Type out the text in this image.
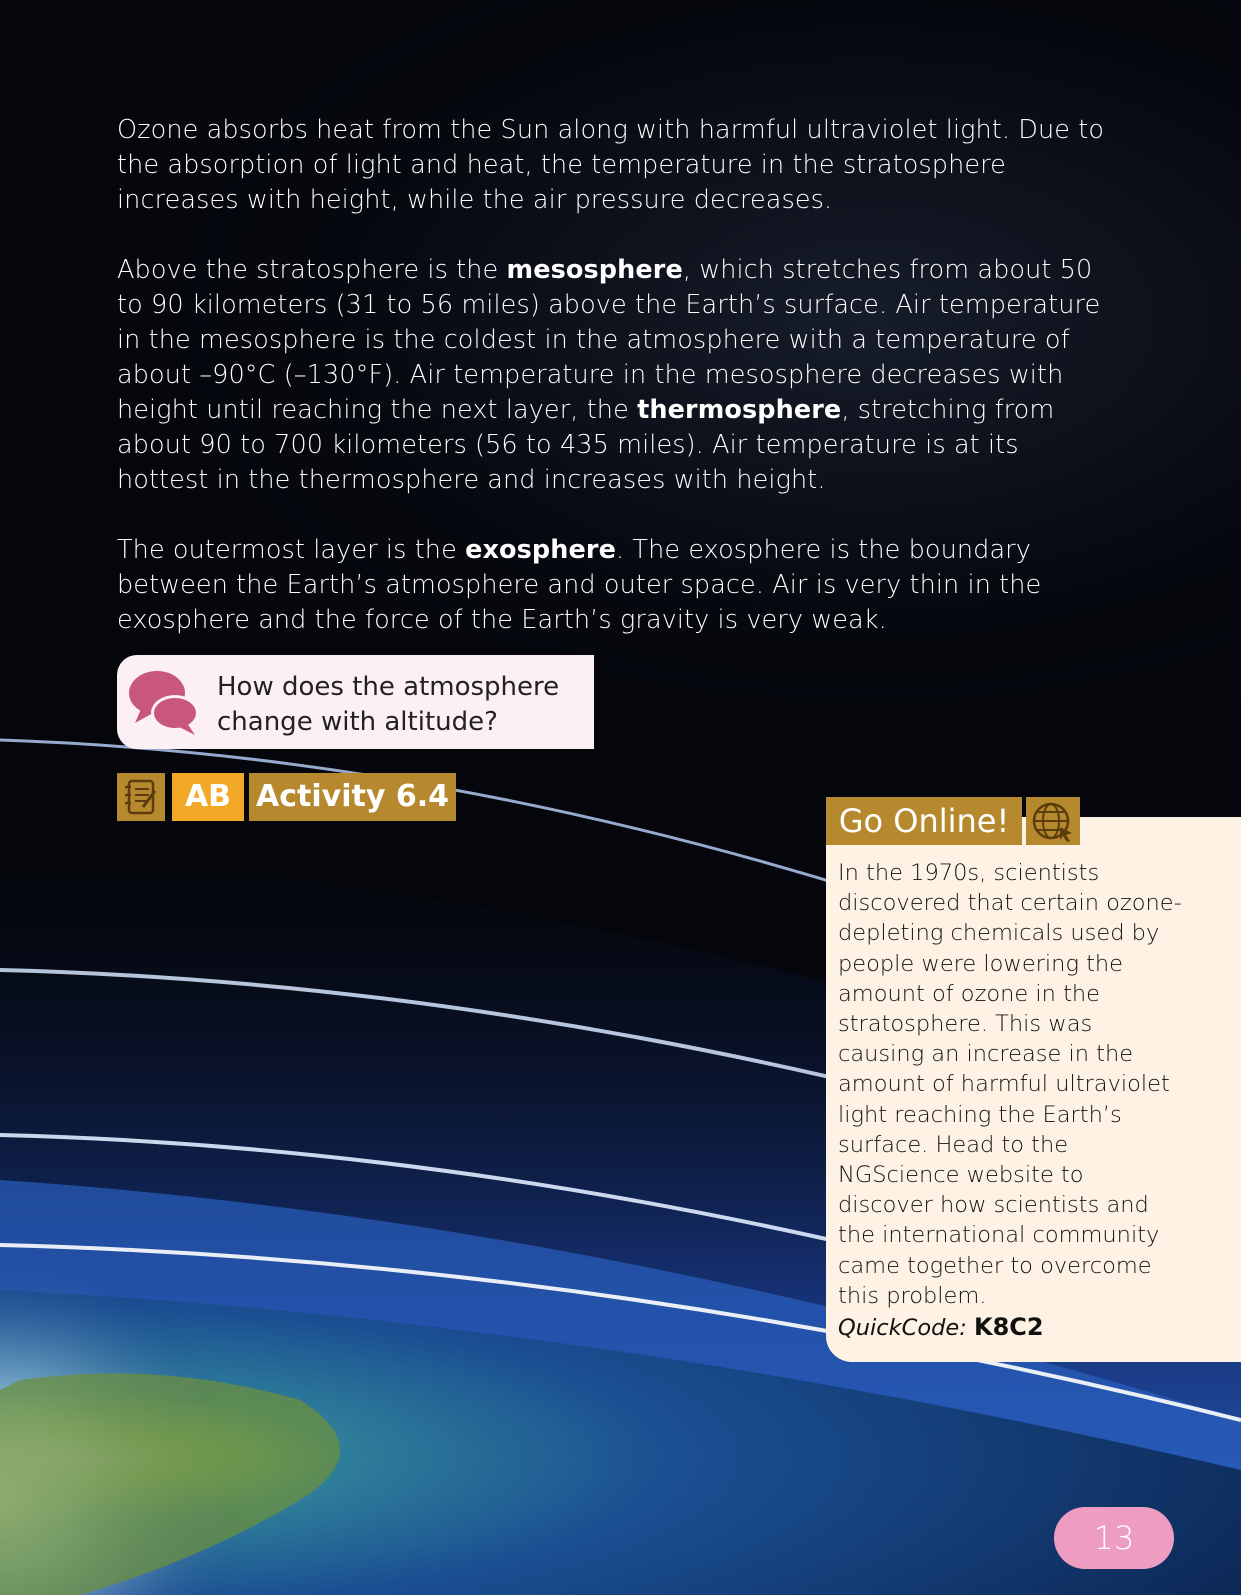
Ozone absorbs heat from the Sun along with harmful ultraviolet light. Due to the absorption of light and heat, the temperature in the stratosphere increases with height, while the air pressure decreases.
Above the stratosphere is the mesosphere, which stretches from about 50 to 90 kilometers (31 to 56 miles) above the Earth’s surface. Air temperature in the mesosphere is the coldest in the atmosphere with a temperature of about –90°C (–130°F). Air temperature in the mesosphere decreases with height until reaching the next layer, the thermosphere, stretching from about 90 to 700 kilometers (56 to 435 miles). Air temperature is at its hottest in the thermosphere and increases with height.
The outermost layer is the exosphere. The exosphere is the boundary between the Earth’s atmosphere and outer space. Air is very thin in the exosphere and the force of the Earth’s gravity is very weak.
How does the atmosphere change with altitude?
AB Activity 6.4
Go Online!
In the 1970s, scientists discovered that certain ozone-depleting chemicals used by people were lowering the amount of ozone in the stratosphere. This was causing an increase in the amount of harmful ultraviolet light reaching the Earth’s surface. Head to the NGScience website to discover how scientists and the international community came together to overcome this problem.
QuickCode: K8C2
13
